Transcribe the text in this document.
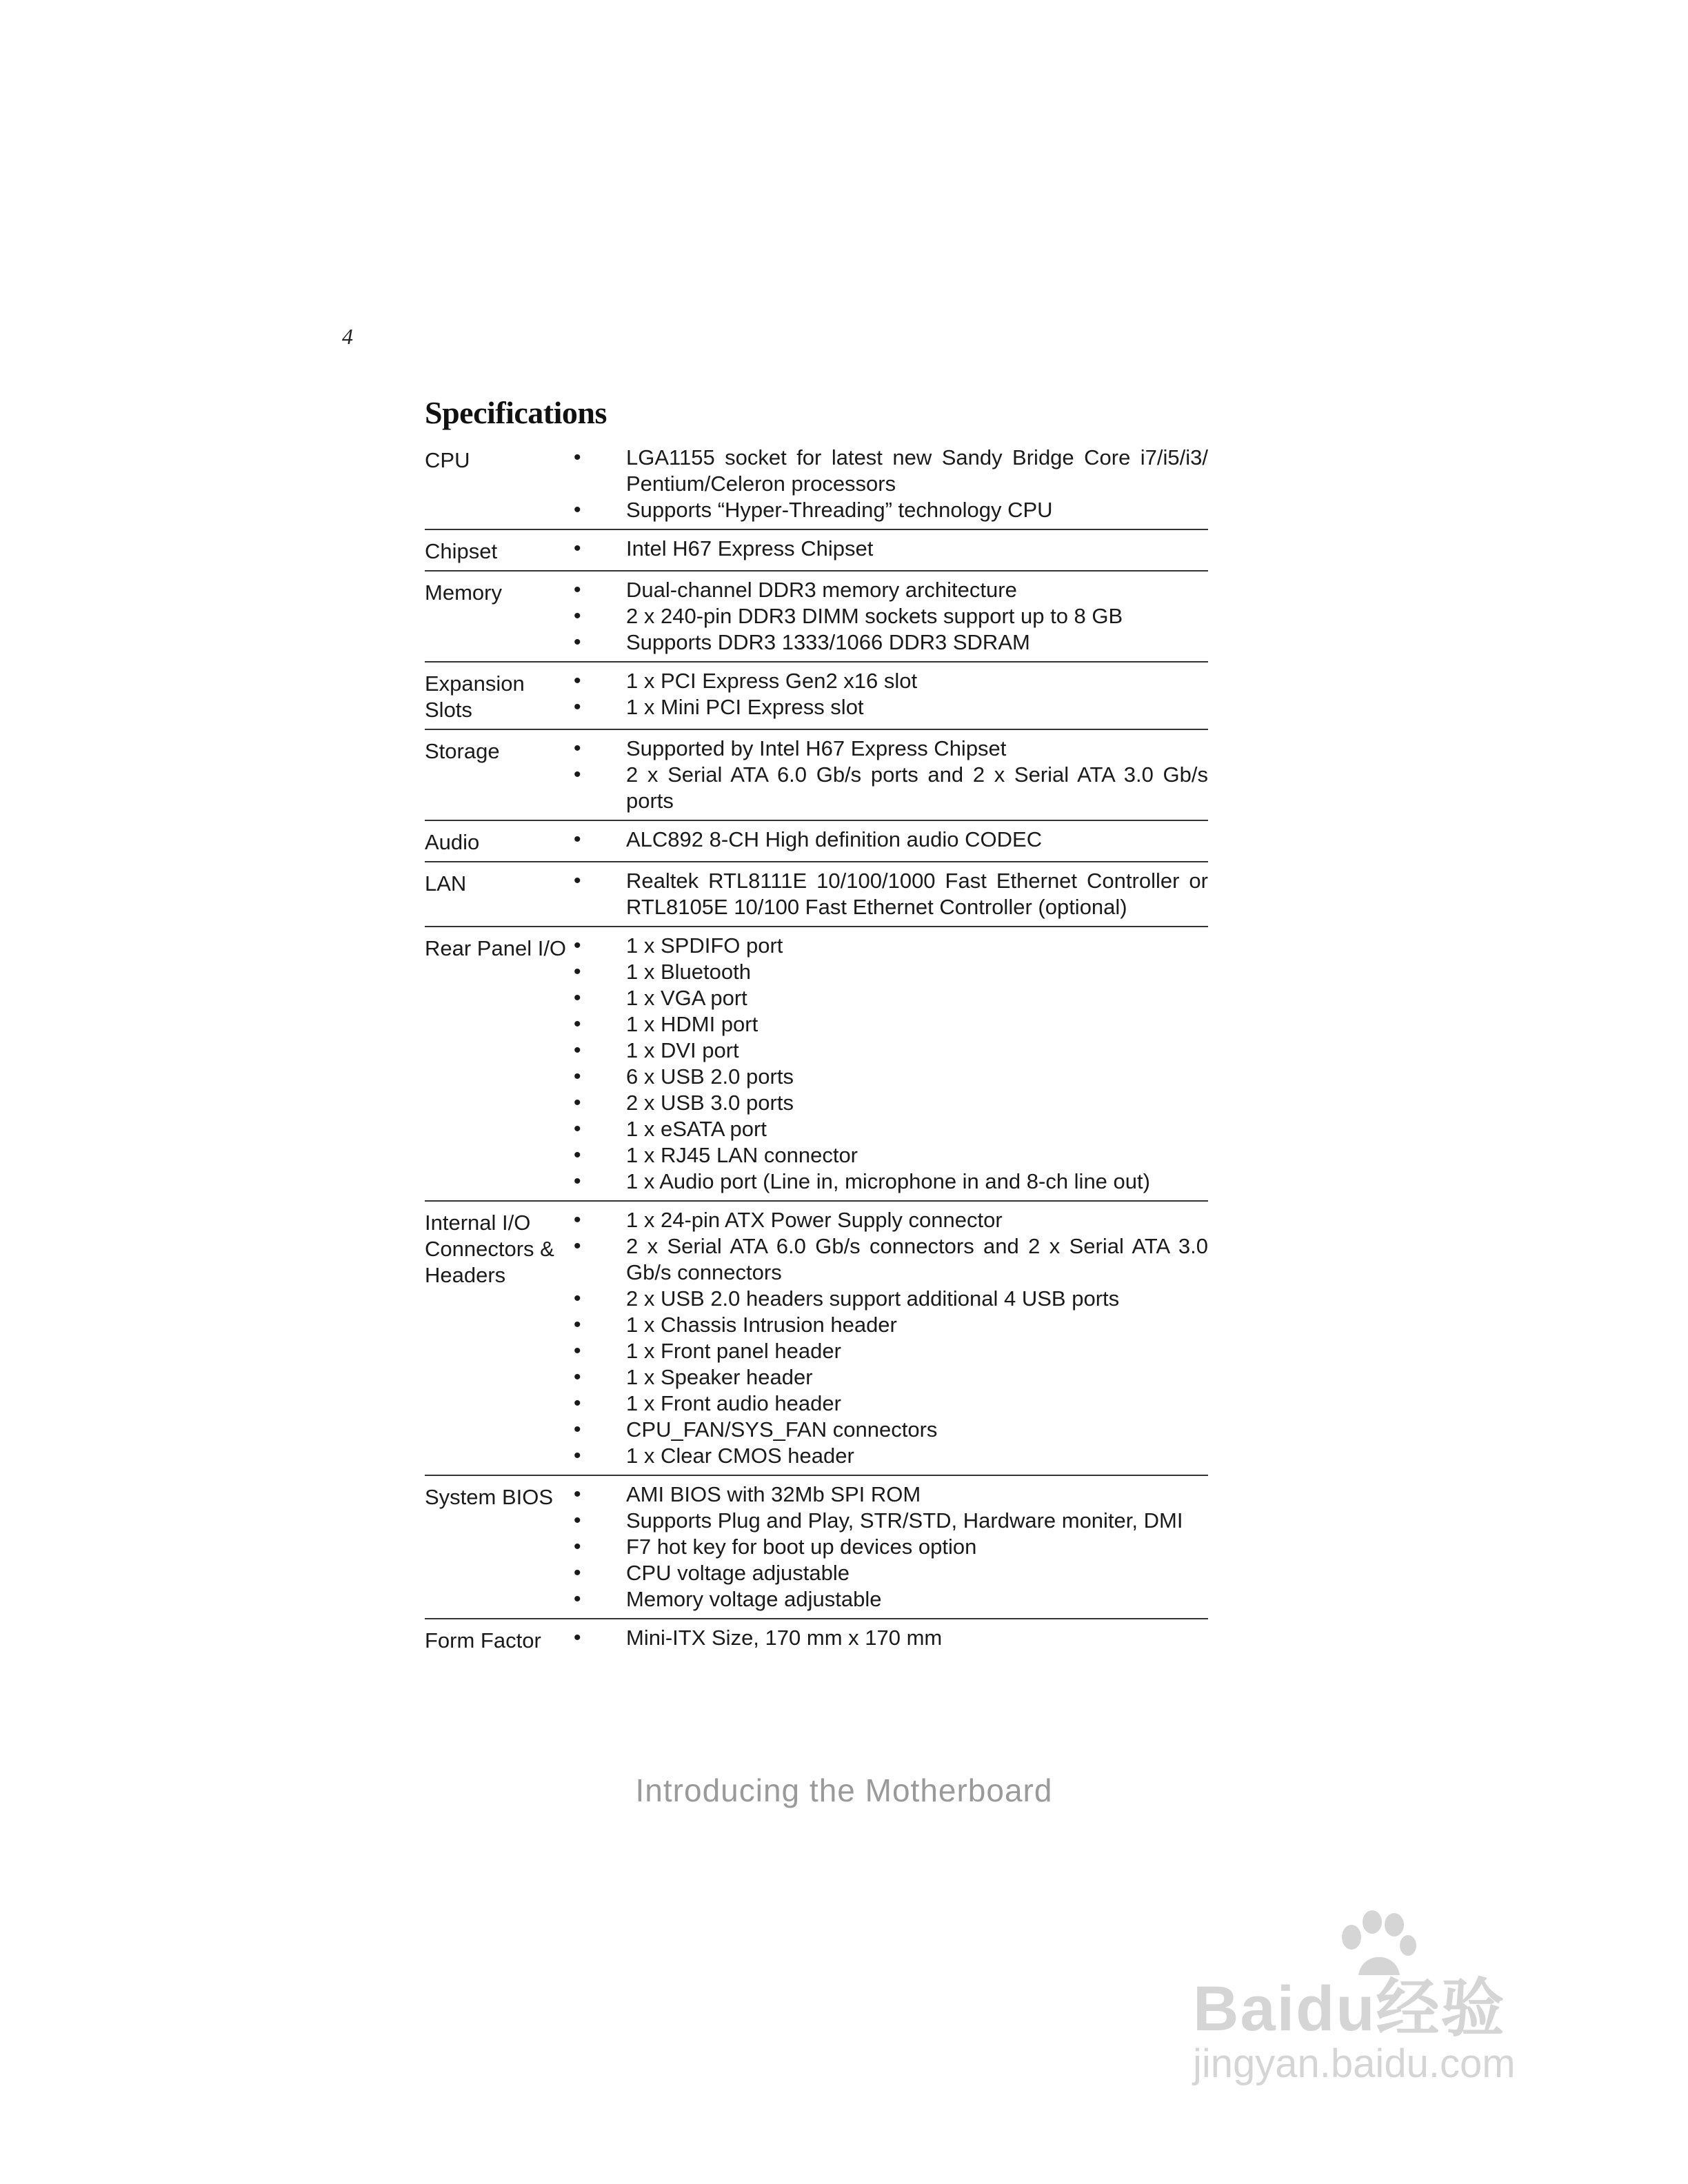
4
Specifications
CPU	•	LGA1155 socket for latest new Sandy Bridge Core i7/i5/i3/ Pentium/Celeron processors
•	Supports “Hyper-Threading” technology CPU
Chipset	•	Intel H67 Express Chipset
Memory	•	Dual-channel DDR3 memory architecture
•	2 x 240-pin DDR3 DIMM sockets support up to 8 GB
•	Supports DDR3 1333/1066 DDR3 SDRAM
Expansion
Slots
•	1 x PCI Express Gen2 x16 slot
•	1 x Mini PCI Express slot
Storage	•	Supported by Intel H67 Express Chipset
•	2 x Serial ATA 6.0 Gb/s ports and 2 x Serial ATA 3.0 Gb/s ports
Audio	•	ALC892 8-CH High definition audio CODEC
LAN	•	Realtek RTL8111E 10/100/1000 Fast Ethernet Controller or RTL8105E 10/100 Fast Ethernet Controller (optional)
Rear Panel I/O •	1 x SPDIFO port
•	1 x Bluetooth
•	1 x VGA port
•	1 x HDMI port
•	1 x DVI port
•	6 x USB 2.0 ports
•	2 x USB 3.0 ports
•	1 x eSATA port
•	1 x RJ45 LAN connector
•	1 x Audio port (Line in, microphone in and 8-ch line out)
Internal I/O
Connectors &
Headers
•	1 x 24-pin ATX Power Supply connector
•	2 x Serial ATA 6.0 Gb/s connectors and 2 x Serial ATA 3.0 Gb/s connectors
•	2 x USB 2.0 headers support additional 4 USB ports
•	1 x Chassis Intrusion header
•	1 x Front panel header
•	1 x Speaker header
•	1 x Front audio header
•	CPU_FAN/SYS_FAN connectors
•	1 x Clear CMOS header
System BIOS •	AMI BIOS with 32Mb SPI ROM
•	Supports Plug and Play, STR/STD, Hardware moniter, DMI
•	F7 hot key for boot up devices option
•	CPU voltage adjustable
•	Memory voltage adjustable
Form Factor	•	Mini-ITX Size, 170 mm x 170 mm
Introducing the Motherboard
Baidu经验
jingyan.baidu.com
